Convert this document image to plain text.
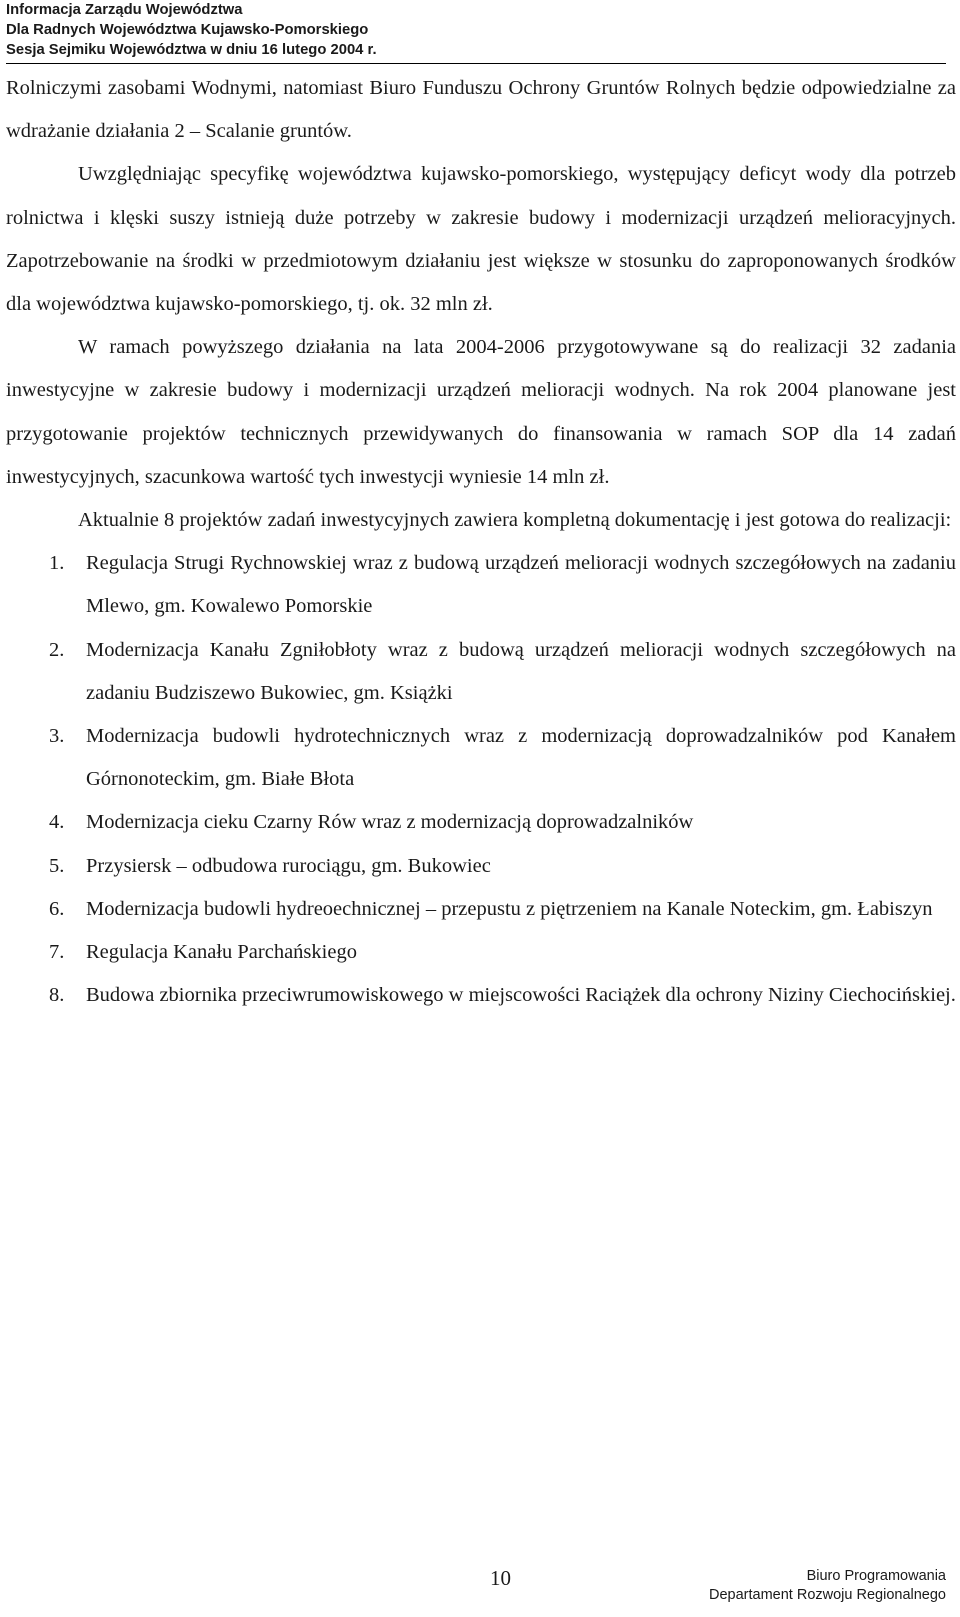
Informacja Zarządu Województwa
Dla Radnych Województwa Kujawsko-Pomorskiego
Sesja Sejmiku Województwa w dniu 16 lutego 2004 r.

Rolniczymi zasobami Wodnymi, natomiast Biuro Funduszu Ochrony Gruntów Rolnych będzie odpowiedzialne za wdrażanie działania 2 – Scalanie gruntów.

Uwzględniając specyfikę województwa kujawsko-pomorskiego, występujący deficyt wody dla potrzeb rolnictwa i klęski suszy istnieją duże potrzeby w zakresie budowy i modernizacji urządzeń melioracyjnych. Zapotrzebowanie na środki w przedmiotowym działaniu jest większe w stosunku do zaproponowanych środków dla województwa kujawsko-pomorskiego, tj. ok. 32 mln zł.

W ramach powyższego działania na lata 2004-2006 przygotowywane są do realizacji 32 zadania inwestycyjne w zakresie budowy i modernizacji urządzeń melioracji wodnych. Na rok 2004 planowane jest przygotowanie projektów technicznych przewidywanych do finansowania w ramach SOP dla 14 zadań inwestycyjnych, szacunkowa wartość tych inwestycji wyniesie 14 mln zł.

Aktualnie 8 projektów zadań inwestycyjnych zawiera kompletną dokumentację i jest gotowa do realizacji:

1. Regulacja Strugi Rychnowskiej wraz z budową urządzeń melioracji wodnych szczegółowych na zadaniu Mlewo, gm. Kowalewo Pomorskie
2. Modernizacja Kanału Zgniłobłoty wraz z budową urządzeń melioracji wodnych szczegółowych na zadaniu Budziszewo Bukowiec, gm. Książki
3. Modernizacja budowli hydrotechnicznych wraz z modernizacją doprowadzalników pod Kanałem Górnonoteckim, gm. Białe Błota
4. Modernizacja cieku Czarny Rów wraz z modernizacją doprowadzalników
5. Przysiersk – odbudowa rurociągu, gm. Bukowiec
6. Modernizacja budowli hydreoechnicznej – przepustu z piętrzeniem na Kanale Noteckim, gm. Łabiszyn
7. Regulacja Kanału Parchańskiego
8. Budowa zbiornika przeciwrumowiskowego w miejscowości Raciążek dla ochrony Niziny Ciechocińskiej.
10	Biuro Programowania
Departament Rozwoju Regionalnego
